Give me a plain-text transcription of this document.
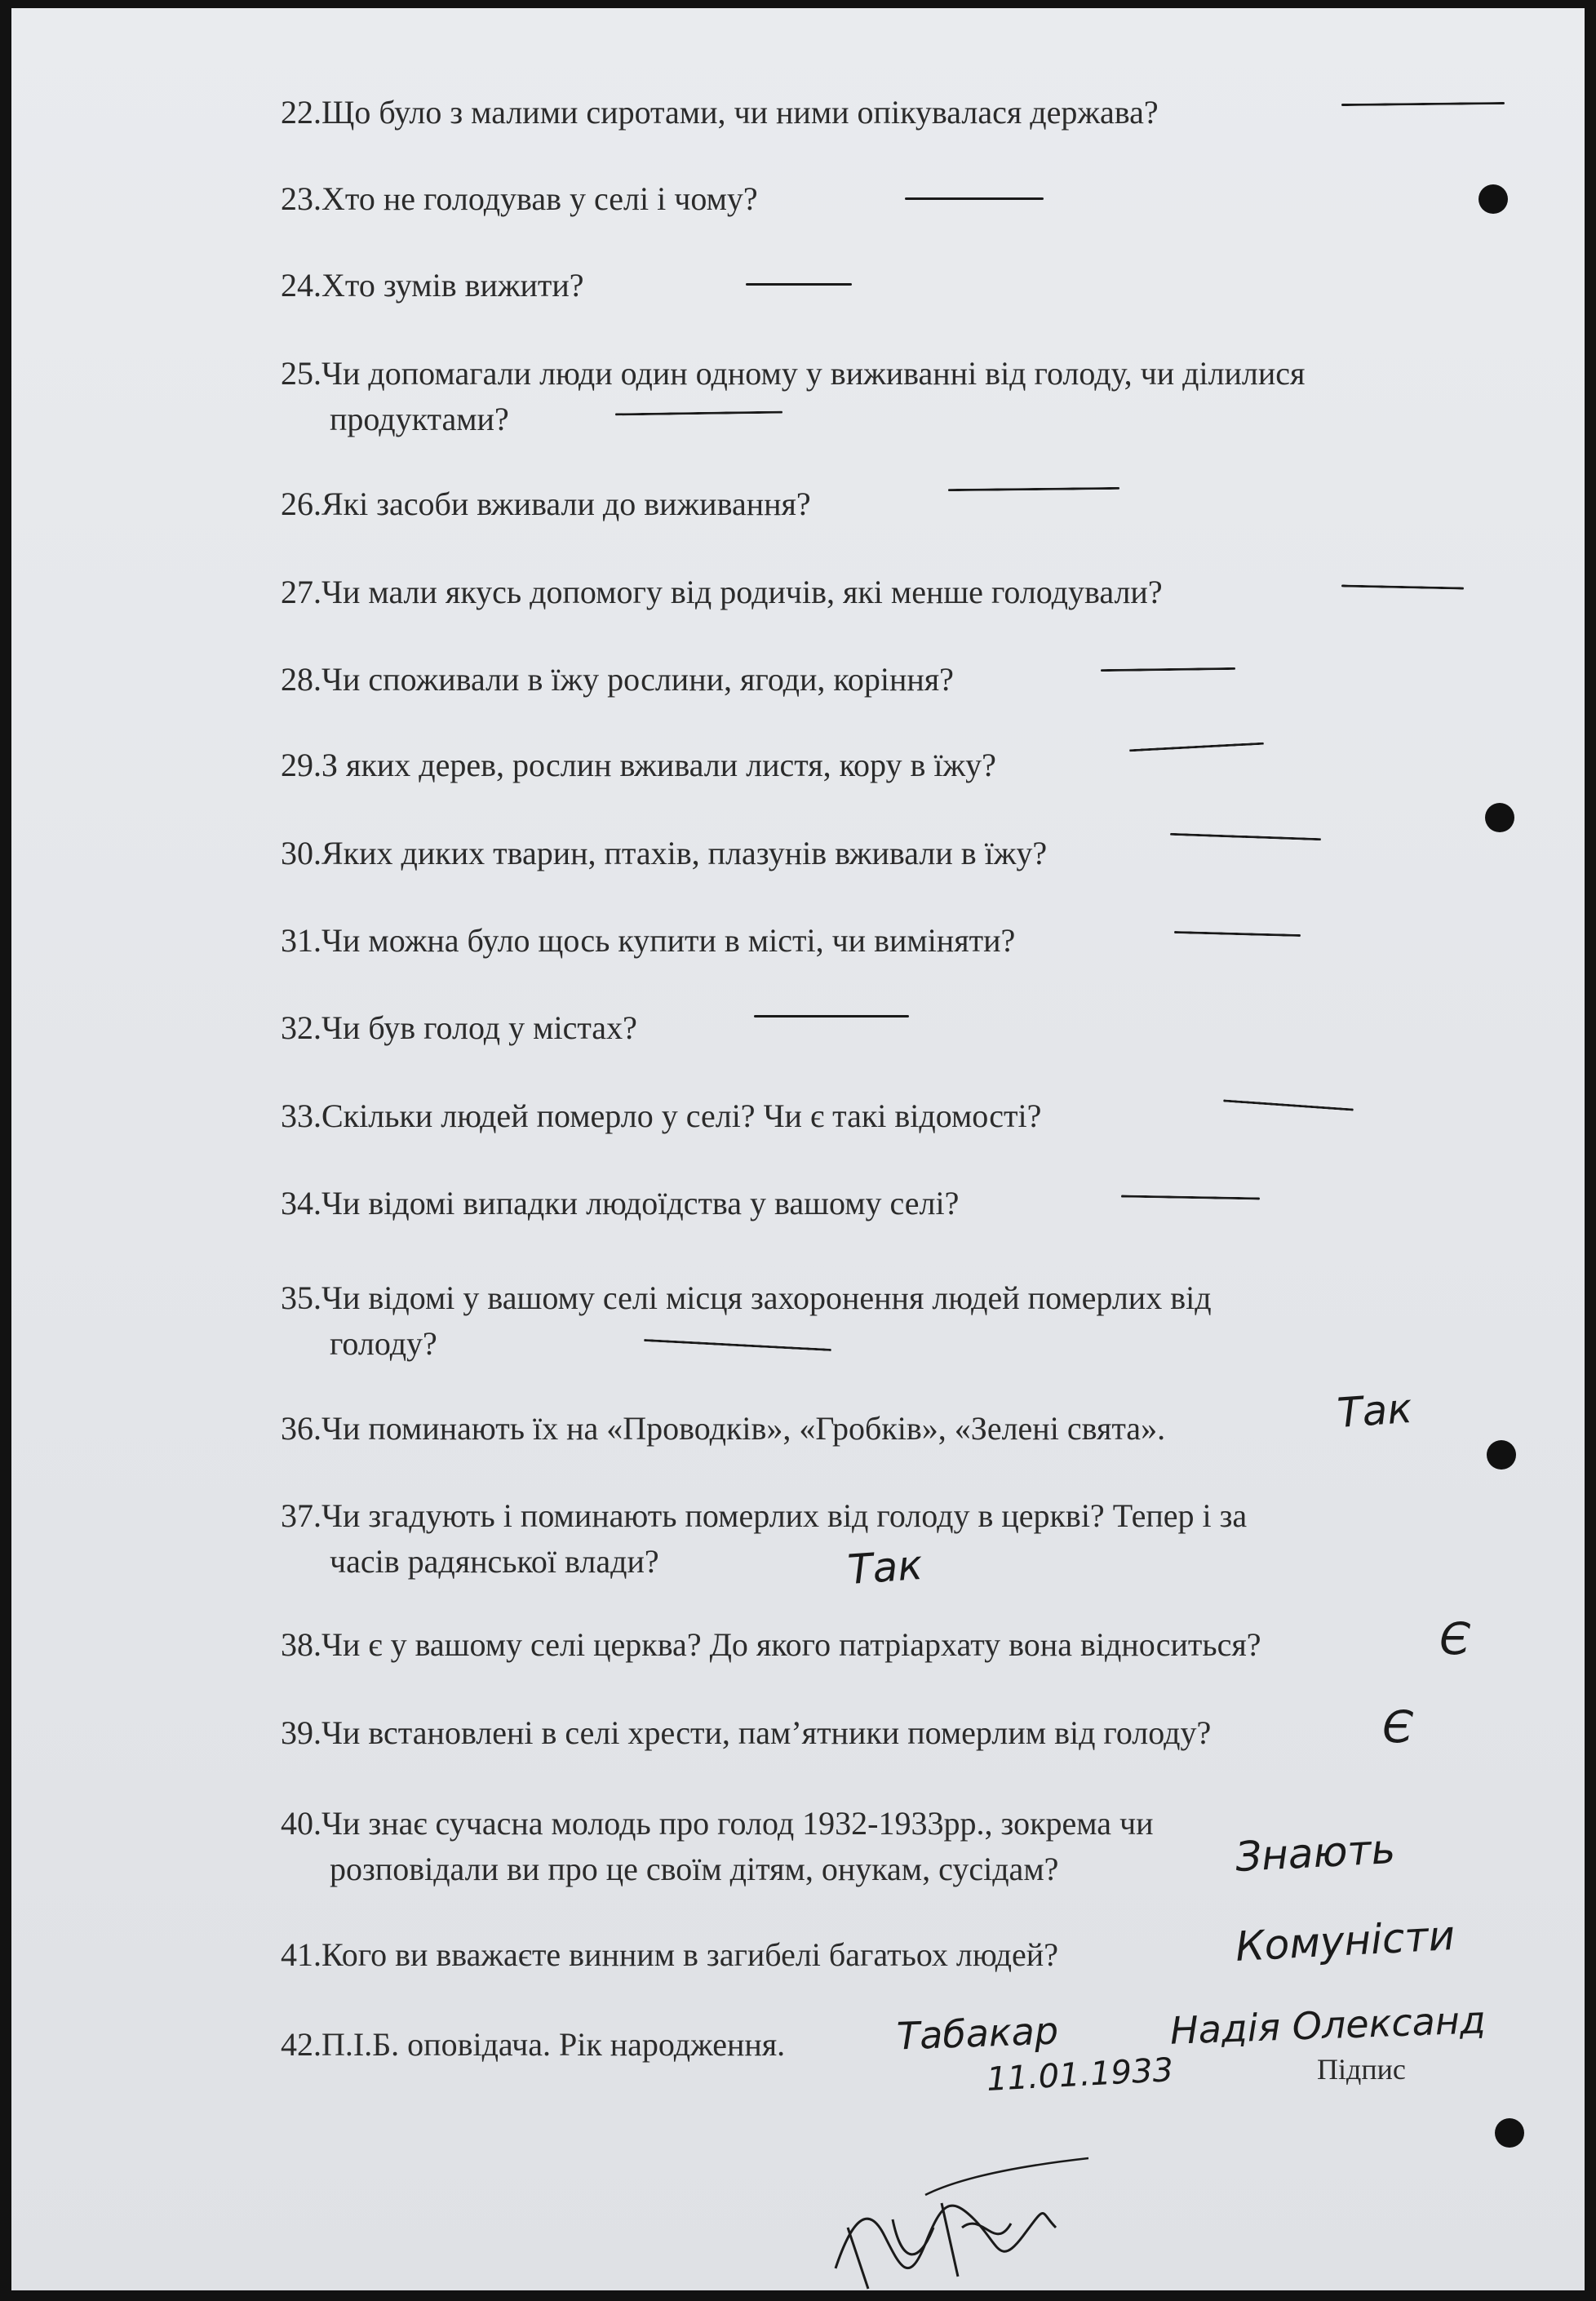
22.Що було з малими сиротами, чи ними опікувалася держава?
23.Хто не голодував у селі і чому?
24.Хто зумів вижити?
25.Чи допомагали люди один одному у виживанні від голоду, чи ділилися
продуктами?
26.Які засоби вживали до виживання?
27.Чи мали якусь допомогу від родичів, які менше голодували?
28.Чи споживали в їжу рослини, ягоди, коріння?
29.З яких дерев, рослин вживали листя, кору в їжу?
30.Яких диких тварин, птахів, плазунів вживали в їжу?
31.Чи можна було щось купити в місті, чи виміняти?
32.Чи був голод у містах?
33.Скільки людей померло у селі? Чи є такі відомості?
34.Чи відомі випадки людоїдства у вашому селі?
35.Чи відомі у вашому селі місця захоронення людей померлих від
голоду?
36.Чи поминають їх на «Проводків», «Гробків», «Зелені свята».
37.Чи згадують і поминають померлих від голоду в церкві? Тепер і за
часів радянської влади?
38.Чи є у вашому селі церква? До якого патріархату вона відноситься?
39.Чи встановлені в селі хрести, пам’ятники померлим від голоду?
40.Чи знає сучасна молодь про голод 1932-1933рр., зокрема чи
розповідали ви про це своїм дітям, онукам, сусідам?
41.Кого ви вважаєте винним в загибелі багатьох людей?
42.П.І.Б. оповідача. Рік народження.
Так
Так
Є
Є
Знають
Комуністи
Табакар	Надія Олександ
11.01.1933	Підпис
